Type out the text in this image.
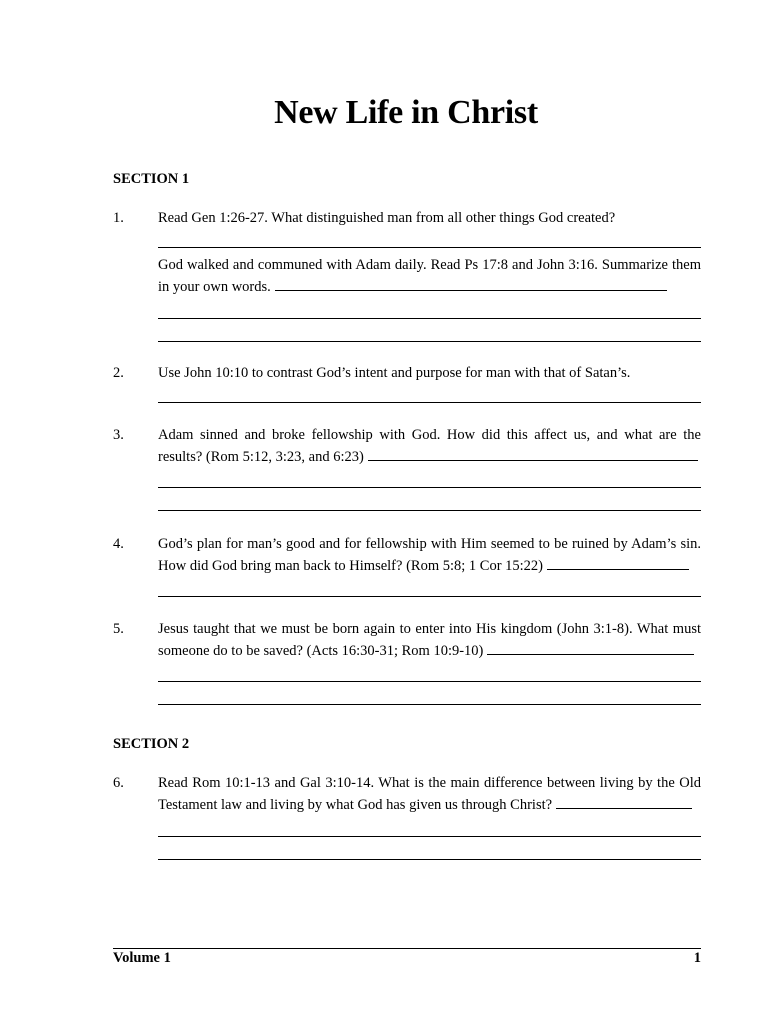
New Life in Christ
SECTION 1
1. Read Gen 1:26-27. What distinguished man from all other things God created?
God walked and communed with Adam daily. Read Ps 17:8 and John 3:16. Summarize them in your own words.
2. Use John 10:10 to contrast God’s intent and purpose for man with that of Satan’s.
3. Adam sinned and broke fellowship with God. How did this affect us, and what are the results? (Rom 5:12, 3:23, and 6:23)
4. God’s plan for man’s good and for fellowship with Him seemed to be ruined by Adam’s sin. How did God bring man back to Himself? (Rom 5:8; 1 Cor 15:22)
5. Jesus taught that we must be born again to enter into His kingdom (John 3:1-8). What must someone do to be saved? (Acts 16:30-31; Rom 10:9-10)
SECTION 2
6. Read Rom 10:1-13 and Gal 3:10-14. What is the main difference between living by the Old Testament law and living by what God has given us through Christ?
Volume 1	1
